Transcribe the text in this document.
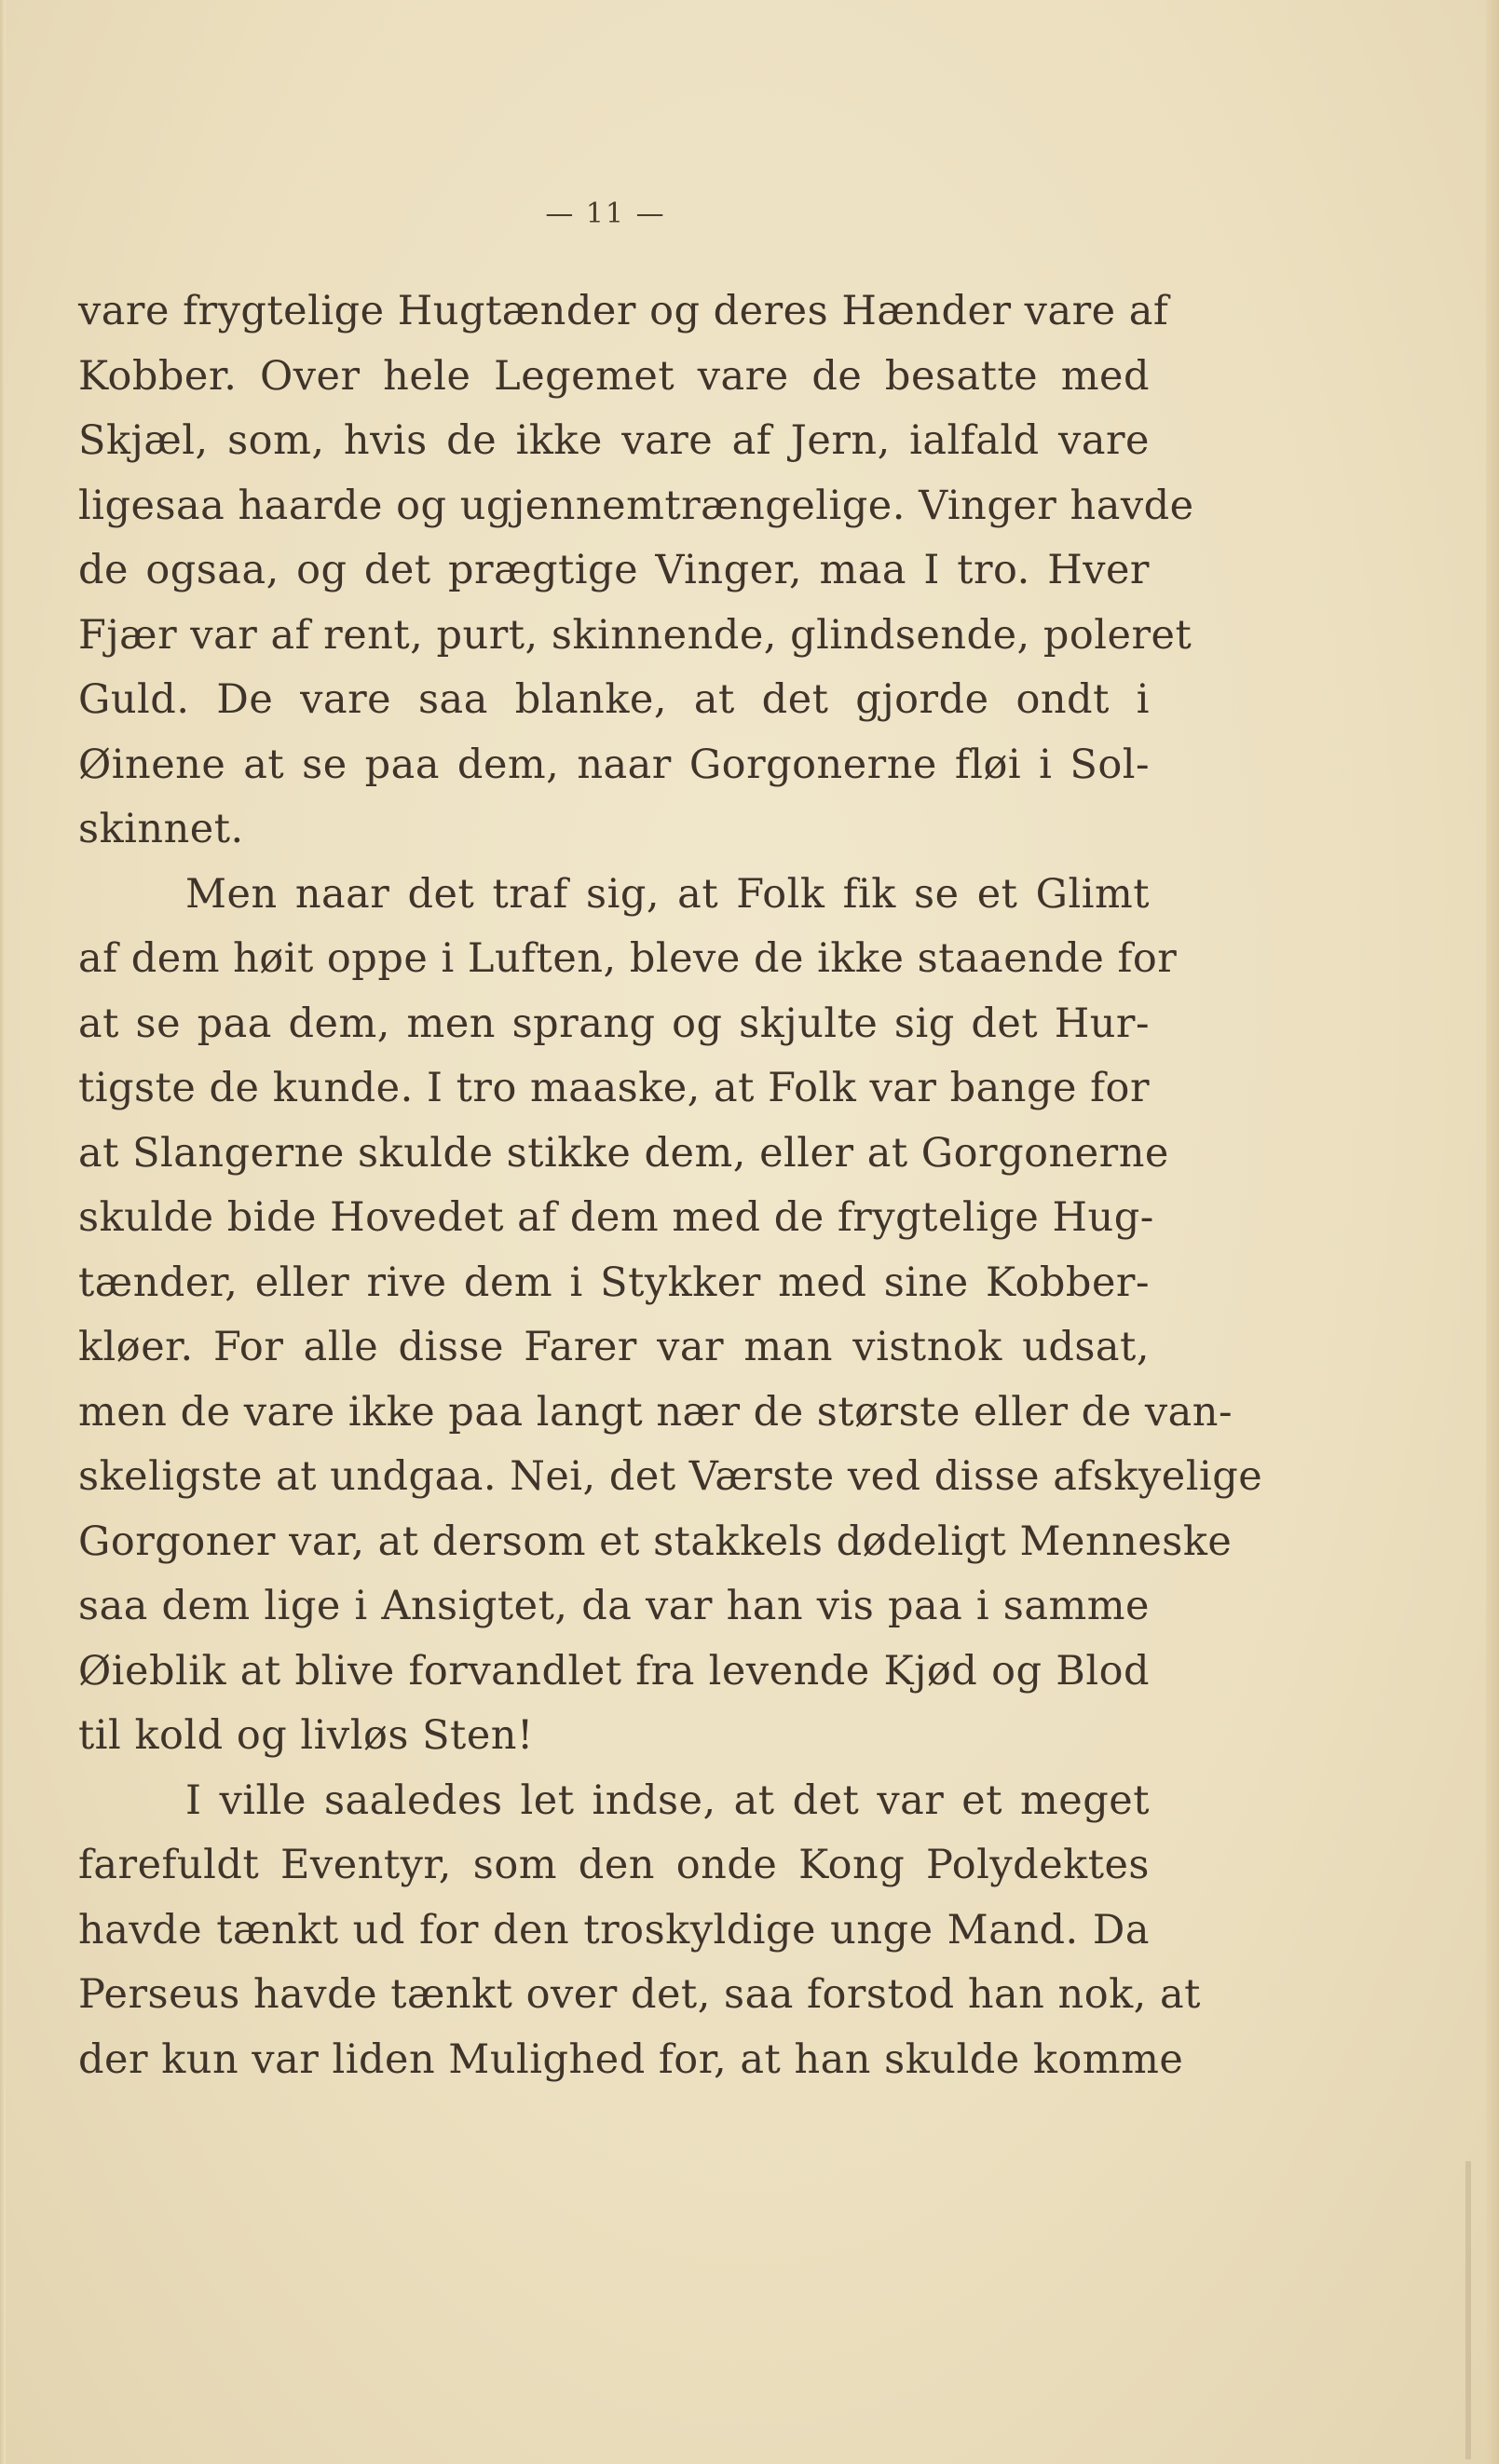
— 11 —
vare frygtelige Hugtænder og deres Hænder vare af
Kobber. Over hele Legemet vare de besatte med
Skjæl, som, hvis de ikke vare af Jern, ialfald vare
ligesaa haarde og ugjennemtrængelige. Vinger havde
de ogsaa, og det prægtige Vinger, maa I tro. Hver
Fjær var af rent, purt, skinnende, glindsende, poleret
Guld. De vare saa blanke, at det gjorde ondt i
Øinene at se paa dem, naar Gorgonerne fløi i Sol-
skinnet.
Men naar det traf sig, at Folk fik se et Glimt
af dem høit oppe i Luften, bleve de ikke staaende for
at se paa dem, men sprang og skjulte sig det Hur-
tigste de kunde. I tro maaske, at Folk var bange for
at Slangerne skulde stikke dem, eller at Gorgonerne
skulde bide Hovedet af dem med de frygtelige Hug-
tænder, eller rive dem i Stykker med sine Kobber-
kløer. For alle disse Farer var man vistnok udsat,
men de vare ikke paa langt nær de største eller de van-
skeligste at undgaa. Nei, det Værste ved disse afskyelige
Gorgoner var, at dersom et stakkels dødeligt Menneske
saa dem lige i Ansigtet, da var han vis paa i samme
Øieblik at blive forvandlet fra levende Kjød og Blod
til kold og livløs Sten!
I ville saaledes let indse, at det var et meget
farefuldt Eventyr, som den onde Kong Polydektes
havde tænkt ud for den troskyldige unge Mand. Da
Perseus havde tænkt over det, saa forstod han nok, at
der kun var liden Mulighed for, at han skulde komme
